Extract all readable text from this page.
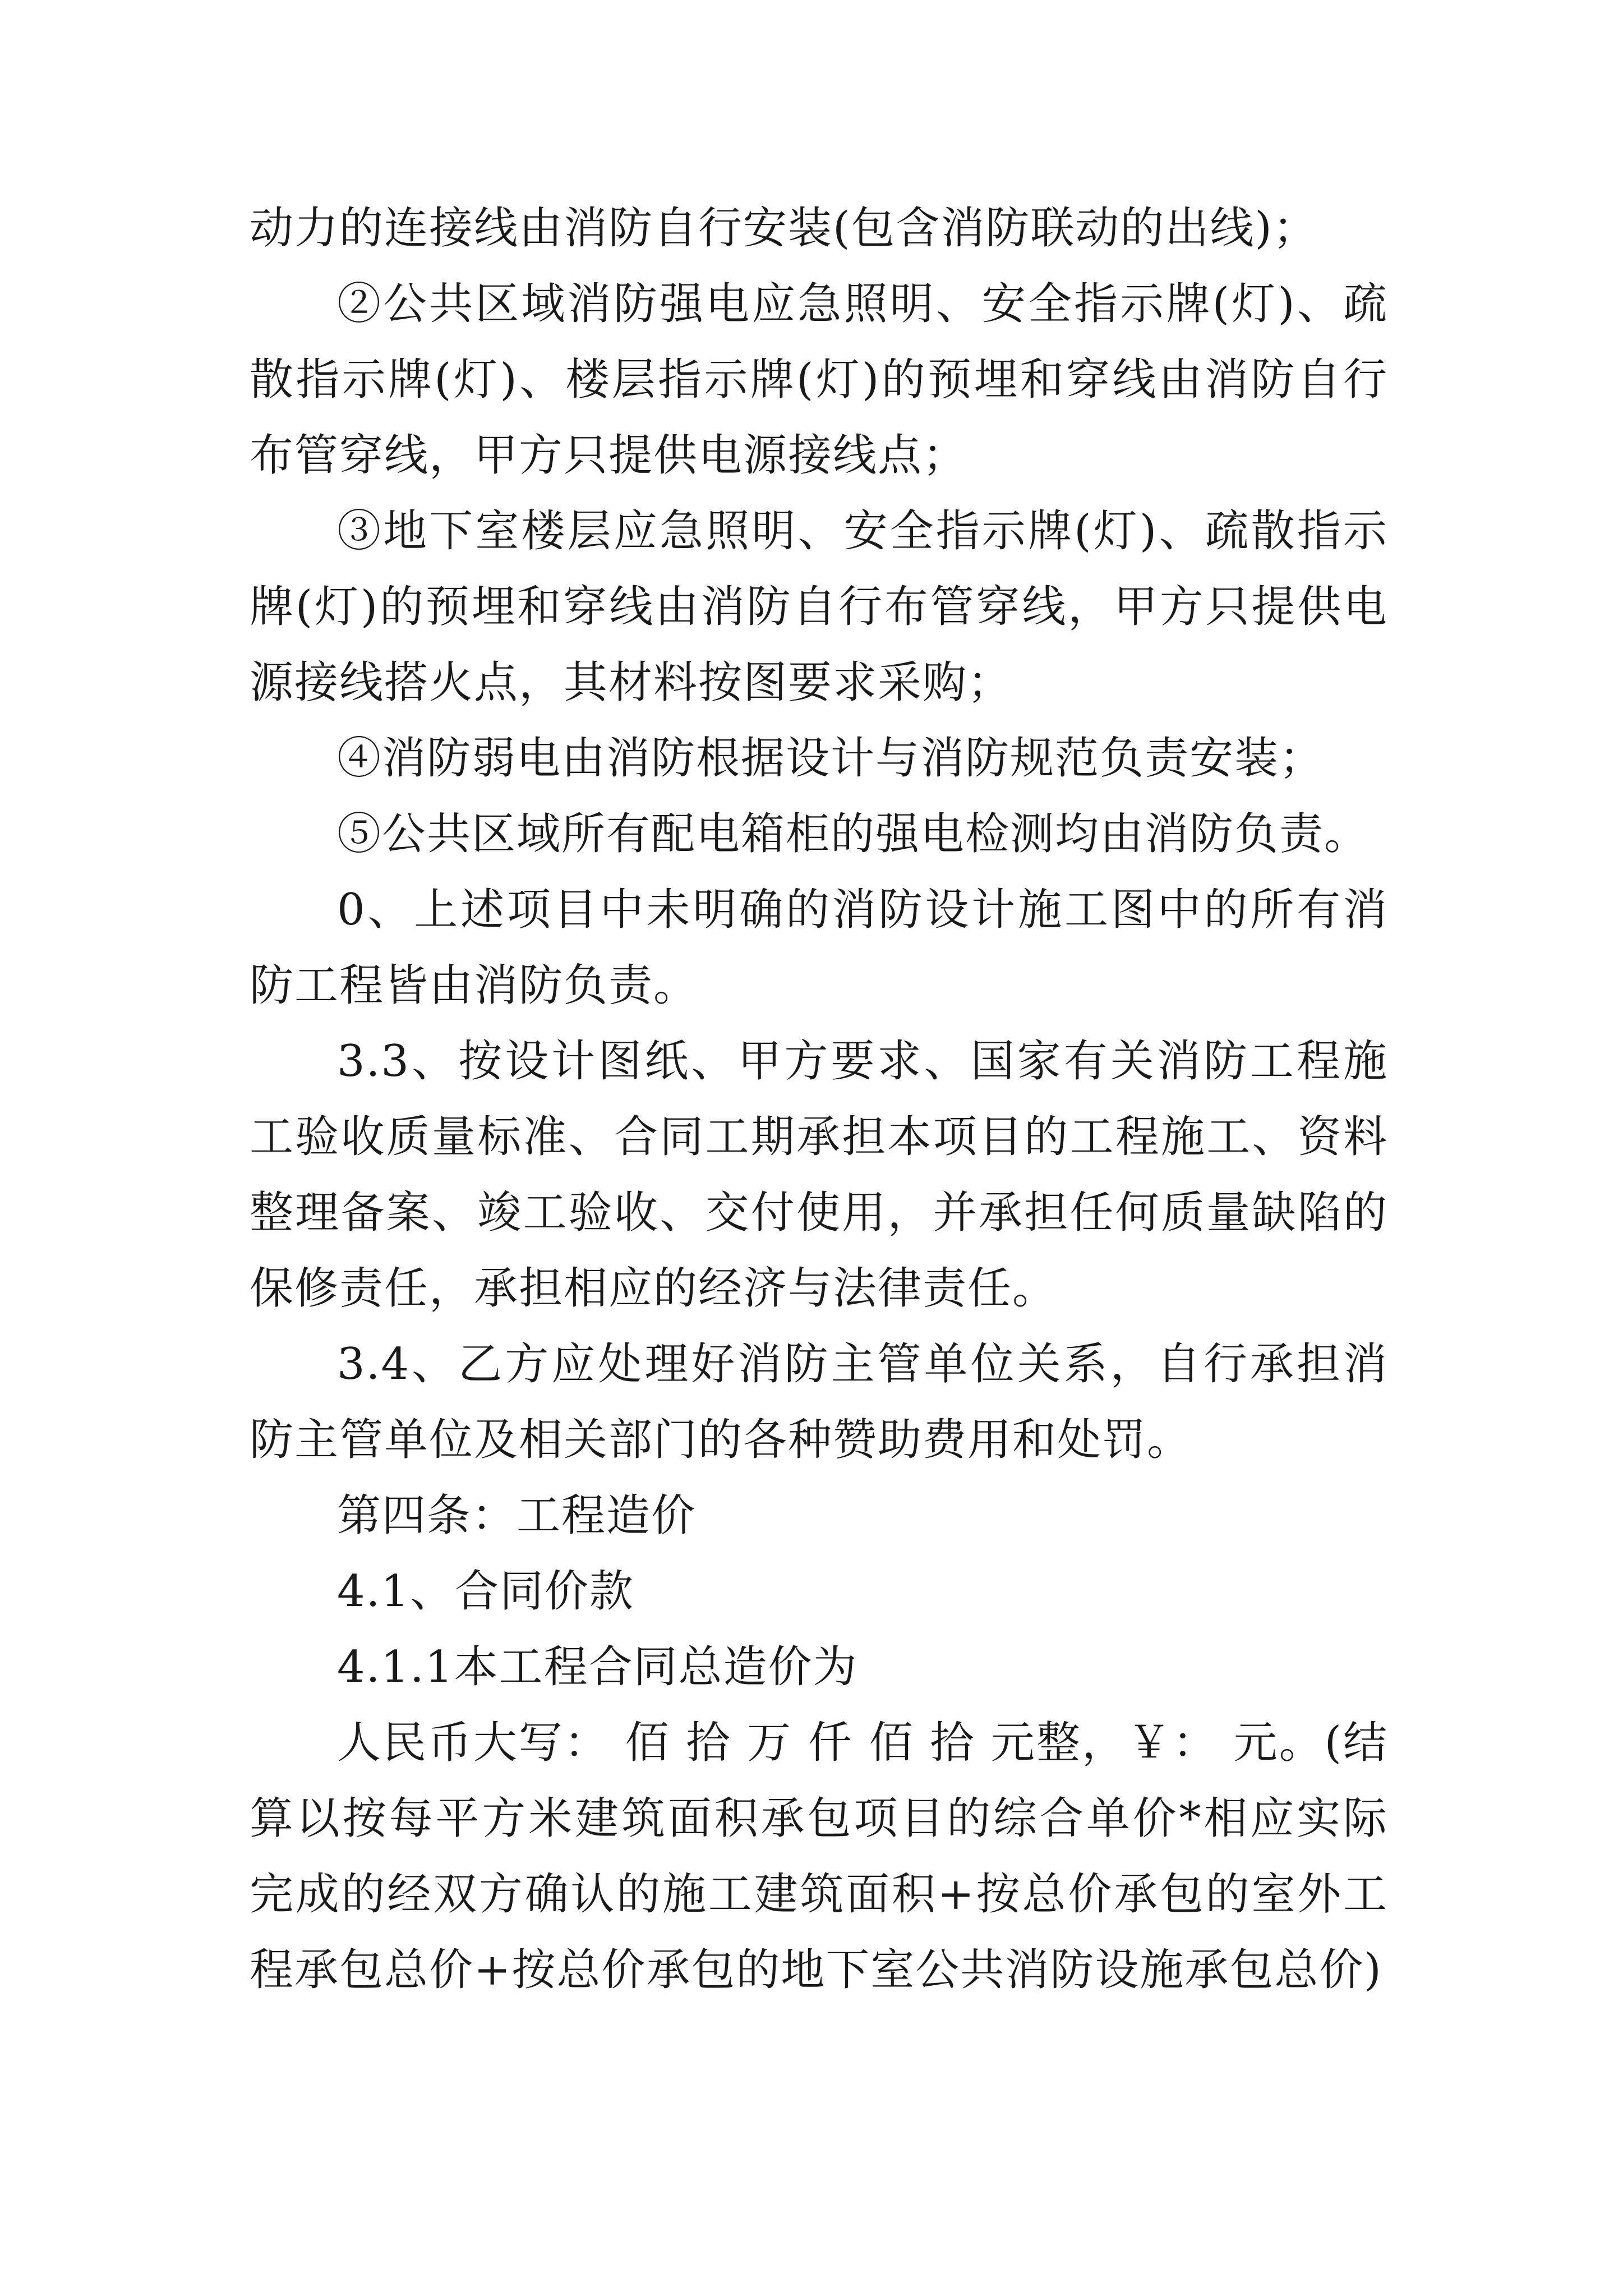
动力的连接线由消防自行安装(包含消防联动的出线)；

②公共区域消防强电应急照明、安全指示牌(灯)、疏散指示牌(灯)、楼层指示牌(灯)的预埋和穿线由消防自行布管穿线，甲方只提供电源接线点；

③地下室楼层应急照明、安全指示牌(灯)、疏散指示牌(灯)的预埋和穿线由消防自行布管穿线，甲方只提供电源接线搭火点，其材料按图要求采购；

④消防弱电由消防根据设计与消防规范负责安装；

⑤公共区域所有配电箱柜的强电检测均由消防负责。

0、上述项目中未明确的消防设计施工图中的所有消防工程皆由消防负责。

3.3、按设计图纸、甲方要求、国家有关消防工程施工验收质量标准、合同工期承担本项目的工程施工、资料整理备案、竣工验收、交付使用，并承担任何质量缺陷的保修责任，承担相应的经济与法律责任。

3.4、乙方应处理好消防主管单位关系，自行承担消防主管单位及相关部门的各种赞助费用和处罚。

第四条：工程造价

4.1、合同价款

4.1.1本工程合同总造价为

人民币大写： 佰 拾 万 仟 佰 拾 元整，￥： 元。(结算以按每平方米建筑面积承包项目的综合单价*相应实际完成的经双方确认的施工建筑面积+按总价承包的室外工程承包总价+按总价承包的地下室公共消防设施承包总价)
